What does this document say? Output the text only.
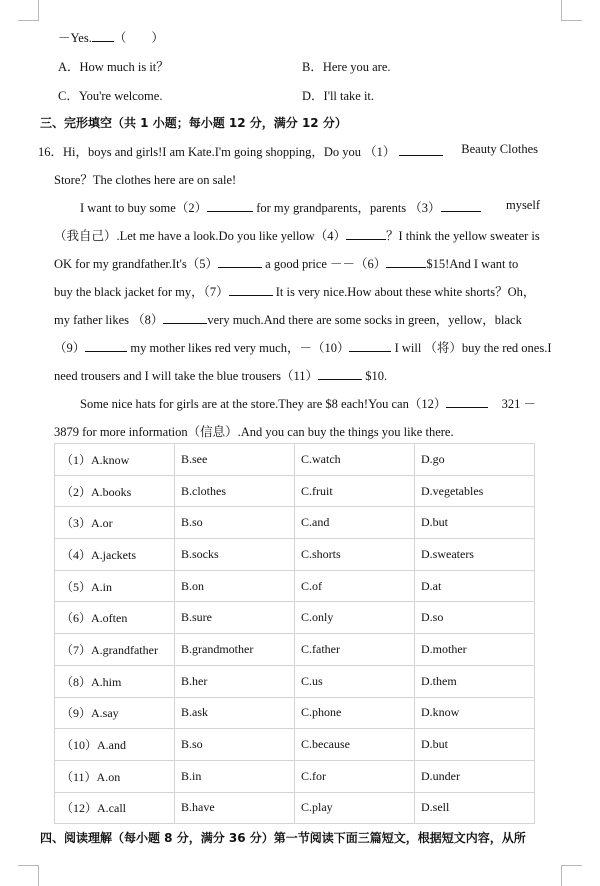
－Yes. （　　）
A．How much is it？	B．Here you are.
C．You're welcome.	D．I'll take it.
三、完形填空（共 1 小题；每小题 12 分，满分 12 分）
16．Hi，boys and girls!I am Kate.I'm going shopping，Do you （1）	Beauty Clothes
Store？The clothes here are on sale!
I want to buy some（2）	for my grandparents，parents （3）	myself
（我自己）.Let me have a look.Do you like yellow（4）	？I think the yellow sweater is
OK for my grandfather.It's（5）	a good price －－（6）	$15!And I want to
buy the black jacket for my，（7）	It is very nice.How about these white shorts？Oh，
my father likes （8）	very much.And there are some socks in green，yellow，black
（9）	my mother likes red very much，－（10）	I will （将）buy the red ones.I
need trousers and I will take the blue trousers（11）	$10.
Some nice hats for girls are at the store.They are $8 each!You can（12）	321 －
3879 for more information（信息）.And you can buy the things you like there.
（1）A.know	B.see	C.watch	D.go
（2）A.books	B.clothes	C.fruit	D.vegetables
（3）A.or	B.so	C.and	D.but
（4）A.jackets	B.socks	C.shorts	D.sweaters
（5）A.in	B.on	C.of	D.at
（6）A.often	B.sure	C.only	D.so
（7）A.grandfather	B.grandmother	C.father	D.mother
（8）A.him	B.her	C.us	D.them
（9）A.say	B.ask	C.phone	D.know
（10）A.and	B.so	C.because	D.but
（11）A.on	B.in	C.for	D.under
（12）A.call	B.have	C.play	D.sell
四、阅读理解（每小题 8 分，满分 36 分）第一节阅读下面三篇短文，根据短文内容，从所
